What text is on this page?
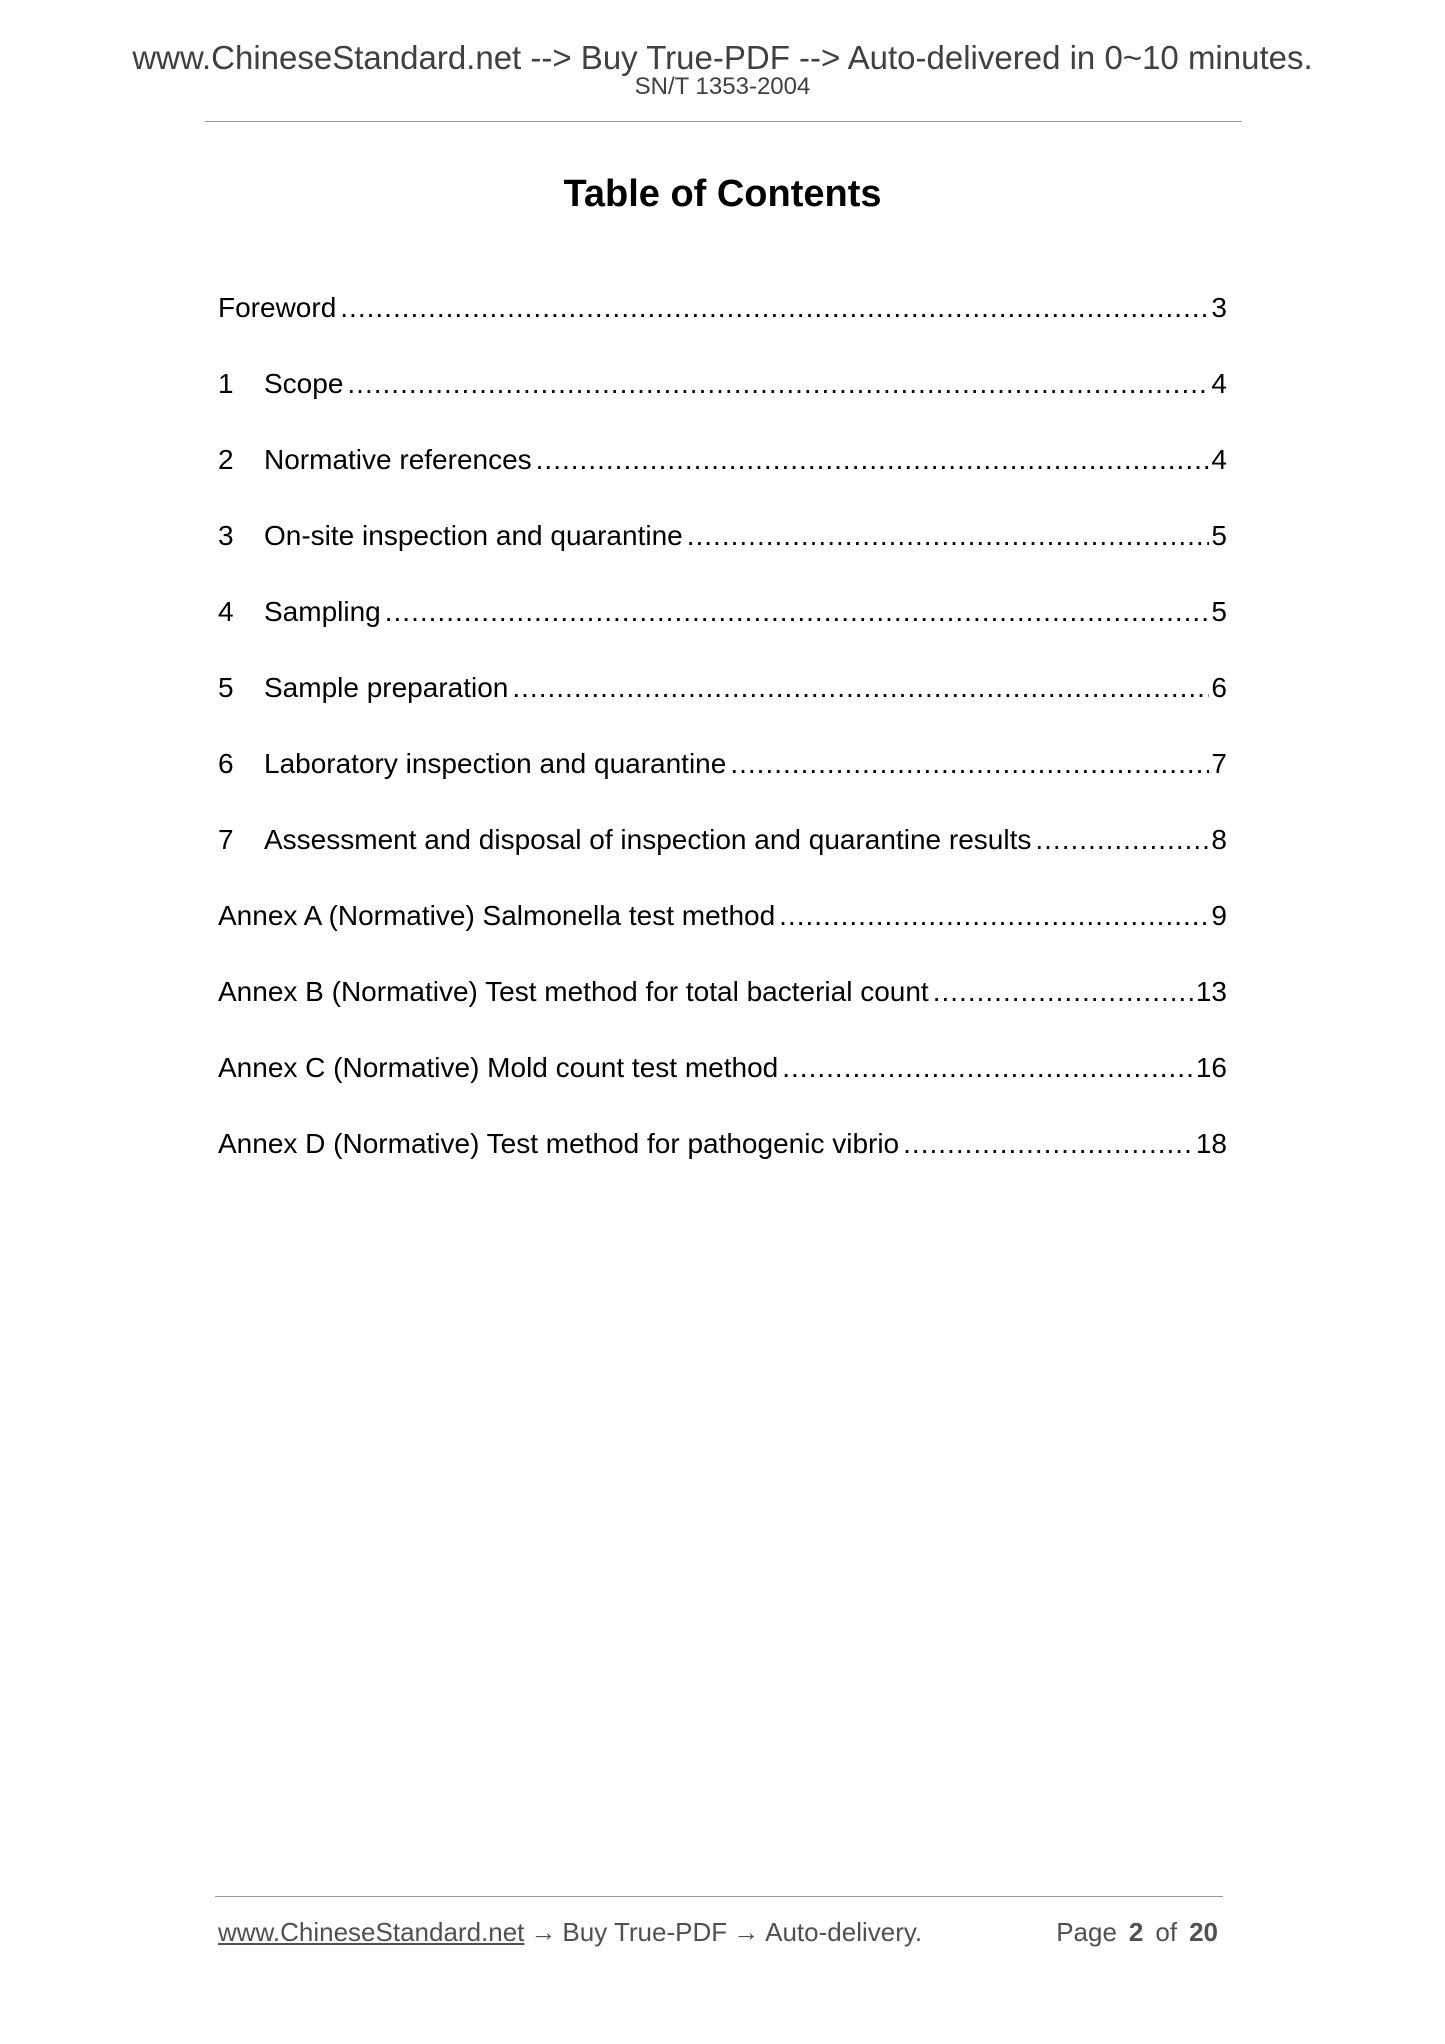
www.ChineseStandard.net --> Buy True-PDF --> Auto-delivered in 0~10 minutes.
SN/T 1353-2004
Table of Contents
Foreword .....	3
1	Scope .....	4
2	Normative references .....	4
3	On-site inspection and quarantine .....	5
4	Sampling .....	5
5	Sample preparation .....	6
6	Laboratory inspection and quarantine .....	7
7	Assessment and disposal of inspection and quarantine results .....	8
Annex A (Normative) Salmonella test method .....	9
Annex B (Normative) Test method for total bacterial count .....	13
Annex C (Normative) Mold count test method .....	16
Annex D (Normative) Test method for pathogenic vibrio .....	18
www.ChineseStandard.net → Buy True-PDF → Auto-delivery.	Page 2 of 20
